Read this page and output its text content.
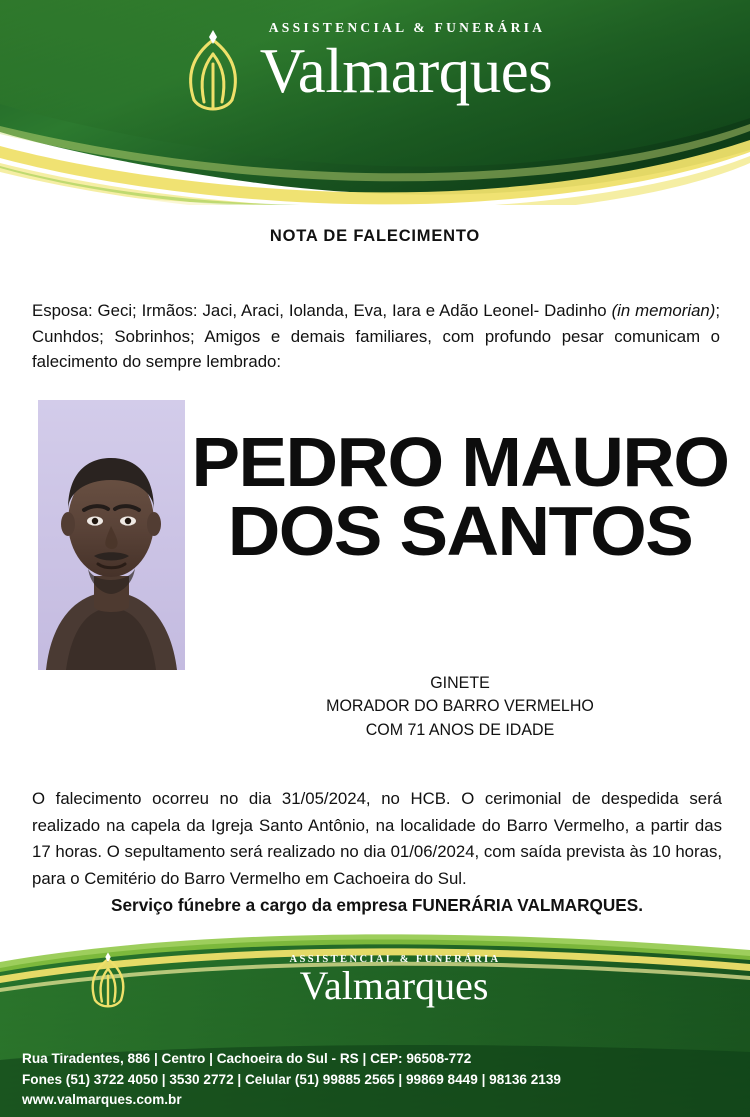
ASSISTENCIAL & FUNERÁRIA
Valmarques
NOTA DE FALECIMENTO

Esposa: Geci; Irmãos: Jaci, Araci, Iolanda, Eva, Iara e Adão Leonel- Dadinho (in memorian); Cunhdos; Sobrinhos; Amigos e demais familiares, com profundo pesar comunicam o falecimento do sempre lembrado:

PEDRO MAURO
DOS SANTOS
GINETE
MORADOR DO BARRO VERMELHO
COM 71 ANOS DE IDADE

O falecimento ocorreu no dia 31/05/2024, no HCB. O cerimonial de despedida será realizado na capela da Igreja Santo Antônio, na localidade do Barro Vermelho, a partir das 17 horas. O sepultamento será realizado no dia 01/06/2024, com saída prevista às 10 horas, para o Cemitério do Barro Vermelho em Cachoeira do Sul.

Serviço fúnebre a cargo da empresa FUNERÁRIA VALMARQUES.

ASSISTENCIAL & FUNERÁRIA
Valmarques
Rua Tiradentes, 886 | Centro | Cachoeira do Sul - RS | CEP: 96508-772
Fones (51) 3722 4050 | 3530 2772 | Celular (51) 99885 2565 | 99869 8449 | 98136 2139
www.valmarques.com.br
